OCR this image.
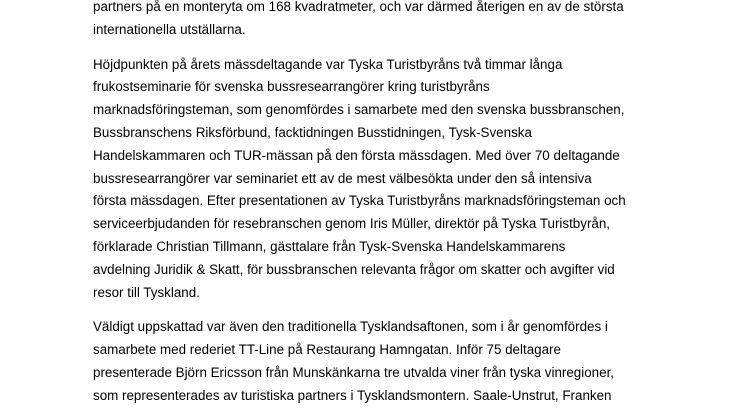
partners på en monteryta om 168 kvadratmeter, och var därmed återigen en av de största
internationella utställarna.

Höjdpunkten på årets mässdeltagande var Tyska Turistbyråns två timmar långa
frukostseminarie för svenska bussresearrangörer kring turistbyråns
marknadsföringsteman, som genomfördes i samarbete med den svenska bussbranschen,
Bussbranschens Riksförbund, facktidningen Busstidningen, Tysk-Svenska
Handelskammaren och TUR-mässan på den första mässdagen. Med över 70 deltagande
bussresearrangörer var seminariet ett av de mest välbesökta under den så intensiva
första mässdagen. Efter presentationen av Tyska Turistbyråns marknadsföringsteman och
serviceerbjudanden för resebranschen genom Iris Müller, direktör på Tyska Turistbyrån,
förklarade Christian Tillmann, gästtalare från Tysk-Svenska Handelskammarens
avdelning Juridik & Skatt, för bussbranschen relevanta frågor om skatter och avgifter vid
resor till Tyskland.

Väldigt uppskattad var även den traditionella Tysklandsaftonen, som i år genomfördes i
samarbete med rederiet TT-Line på Restaurang Hamngatan. Inför 75 deltagare
presenterade Björn Ericsson från Munskänkarna tre utvalda viner från tyska vinregioner,
som representerades av turistiska partners i Tysklandsmontern. Saale-Unstrut, Franken
